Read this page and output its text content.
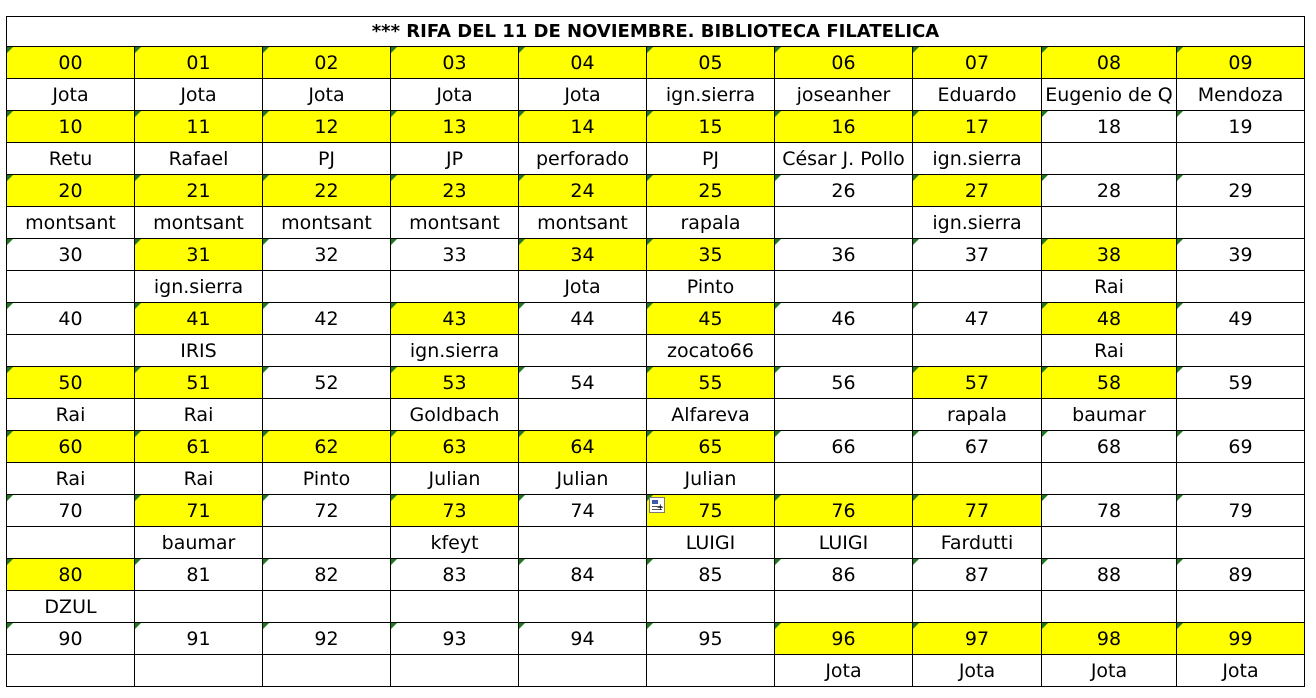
*** RIFA DEL 11 DE NOVIEMBRE. BIBLIOTECA FILATELICA									
00	01	02	03	04	05	06	07	08	09
Jota	Jota	Jota	Jota	Jota	ign.sierra	joseanher	Eduardo	Eugenio de Q	Mendoza
10	11	12	13	14	15	16	17	18	19
Retu	Rafael	PJ	JP	perforado	PJ	César J. Pollo	ign.sierra		
20	21	22	23	24	25	26	27	28	29
montsant	montsant	montsant	montsant	montsant	rapala		ign.sierra		
30	31	32	33	34	35	36	37	38	39
	ign.sierra			Jota	Pinto			Rai	
40	41	42	43	44	45	46	47	48	49
	IRIS		ign.sierra		zocato66			Rai	
50	51	52	53	54	55	56	57	58	59
Rai	Rai		Goldbach		Alfareva		rapala	baumar	
60	61	62	63	64	65	66	67	68	69
Rai	Rai	Pinto	Julian	Julian	Julian				
70	71	72	73	74	75	76	77	78	79
	baumar		kfeyt		LUIGI	LUIGI	Fardutti		
80	81	82	83	84	85	86	87	88	89
DZUL									
90	91	92	93	94	95	96	97	98	99
						Jota	Jota	Jota	Jota
+
